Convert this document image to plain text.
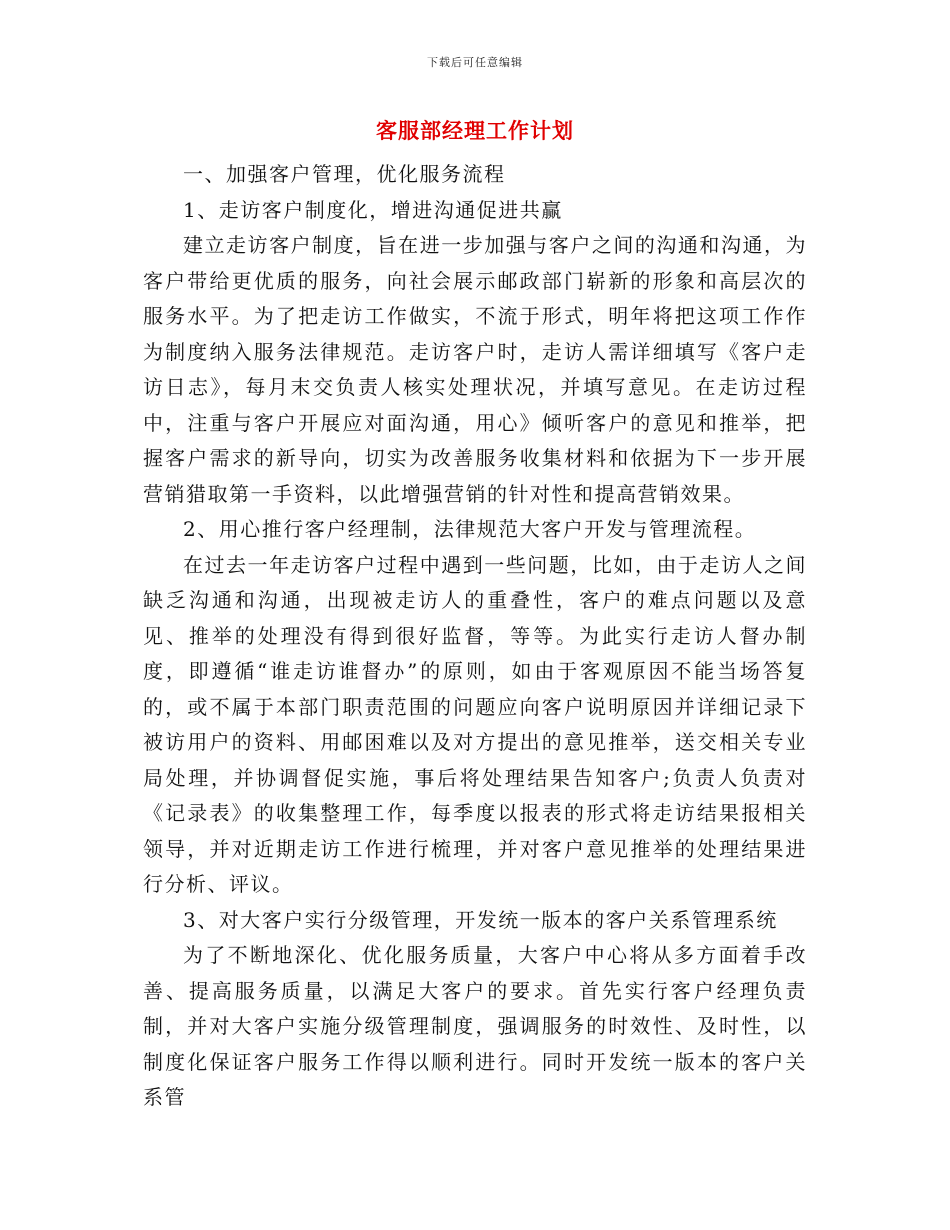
下载后可任意编辑
客服部经理工作计划

一、加强客户管理，优化服务流程

1、走访客户制度化，增进沟通促进共赢

建立走访客户制度，旨在进一步加强与客户之间的沟通和沟通，为客户带给更优质的服务，向社会展示邮政部门崭新的形象和高层次的服务水平。为了把走访工作做实，不流于形式，明年将把这项工作作为制度纳入服务法律规范。走访客户时，走访人需详细填写《客户走访日志》，每月末交负责人核实处理状况，并填写意见。在走访过程中，注重与客户开展应对面沟通，用心》倾听客户的意见和推举，把握客户需求的新导向，切实为改善服务收集材料和依据为下一步开展营销猎取第一手资料，以此增强营销的针对性和提高营销效果。

2、用心推行客户经理制，法律规范大客户开发与管理流程。

在过去一年走访客户过程中遇到一些问题，比如，由于走访人之间缺乏沟通和沟通，出现被走访人的重叠性，客户的难点问题以及意见、推举的处理没有得到很好监督，等等。为此实行走访人督办制度，即遵循“谁走访谁督办”的原则，如由于客观原因不能当场答复的，或不属于本部门职责范围的问题应向客户说明原因并详细记录下被访用户的资料、用邮困难以及对方提出的意见推举，送交相关专业局处理，并协调督促实施，事后将处理结果告知客户;负责人负责对《记录表》的收集整理工作，每季度以报表的形式将走访结果报相关领导，并对近期走访工作进行梳理，并对客户意见推举的处理结果进行分析、评议。

3、对大客户实行分级管理，开发统一版本的客户关系管理系统

为了不断地深化、优化服务质量，大客户中心将从多方面着手改善、提高服务质量，以满足大客户的要求。首先实行客户经理负责制，并对大客户实施分级管理制度，强调服务的时效性、及时性，以制度化保证客户服务工作得以顺利进行。同时开发统一版本的客户关系管
